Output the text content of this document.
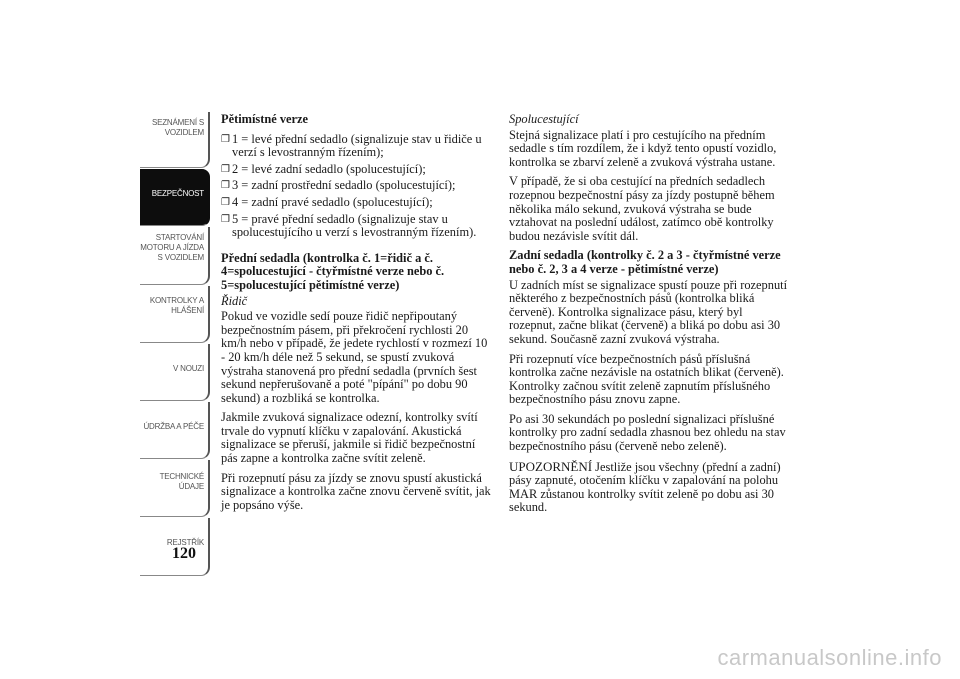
SEZNÁMENÍ S
VOZIDLEM
BEZPEČNOST
STARTOVÁNÍ
MOTORU A JÍZDA
S VOZIDLEM
KONTROLKY A
HLÁŠENÍ
V NOUZI
ÚDRŽBA A PÉČE
TECHNICKÉ
ÚDAJE
REJSTŘÍK
120
Pětimístné verze
❐ 1 = levé přední sedadlo (signalizuje stav u řidiče u verzí s levostranným řízením);
❐ 2 = levé zadní sedadlo (spolucestující);
❐ 3 = zadní prostřední sedadlo (spolucestující);
❐ 4 = zadní pravé sedadlo (spolucestující);
❐ 5 = pravé přední sedadlo (signalizuje stav u spolucestujícího u verzí s levostranným řízením).
Přední sedadla (kontrolka č. 1=řidič a č. 4=spolucestující - čtyřmístné verze nebo č. 5=spolucestující pětimístné verze)
Řidič
Pokud ve vozidle sedí pouze řidič nepřipoutaný bezpečnostním pásem, při překročení rychlosti 20 km/h nebo v případě, že jedete rychlostí v rozmezí 10 - 20 km/h déle než 5 sekund, se spustí zvuková výstraha stanovená pro přední sedadla (prvních šest sekund nepřerušovaně a poté "pípání" po dobu 90 sekund) a rozbliká se kontrolka.
Jakmile zvuková signalizace odezní, kontrolky svítí trvale do vypnutí klíčku v zapalování. Akustická signalizace se přeruší, jakmile si řidič bezpečnostní pás zapne a kontrolka začne svítit zeleně.
Při rozepnutí pásu za jízdy se znovu spustí akustická signalizace a kontrolka začne znovu červeně svítit, jak je popsáno výše.
Spolucestující
Stejná signalizace platí i pro cestujícího na předním sedadle s tím rozdílem, že i když tento opustí vozidlo, kontrolka se zbarví zeleně a zvuková výstraha ustane.
V případě, že si oba cestující na předních sedadlech rozepnou bezpečnostní pásy za jízdy postupně během několika málo sekund, zvuková výstraha se bude vztahovat na poslední událost, zatímco obě kontrolky budou nezávisle svítit dál.
Zadní sedadla (kontrolky č. 2 a 3 - čtyřmístné verze nebo č. 2, 3 a 4 verze - pětimístné verze)
U zadních míst se signalizace spustí pouze při rozepnutí některého z bezpečnostních pásů (kontrolka bliká červeně). Kontrolka signalizace pásu, který byl rozepnut, začne blikat (červeně) a bliká po dobu asi 30 sekund. Současně zazní zvuková výstraha.
Při rozepnutí více bezpečnostních pásů příslušná kontrolka začne nezávisle na ostatních blikat (červeně). Kontrolky začnou svítit zeleně zapnutím příslušného bezpečnostního pásu znovu zapne.
Po asi 30 sekundách po poslední signalizaci příslušné kontrolky pro zadní sedadla zhasnou bez ohledu na stav bezpečnostního pásu (červeně nebo zeleně).
UPOZORNĚNÍ Jestliže jsou všechny (přední a zadní) pásy zapnuté, otočením klíčku v zapalování na polohu MAR zůstanou kontrolky svítit zeleně po dobu asi 30 sekund.
carmanualsonline.info
